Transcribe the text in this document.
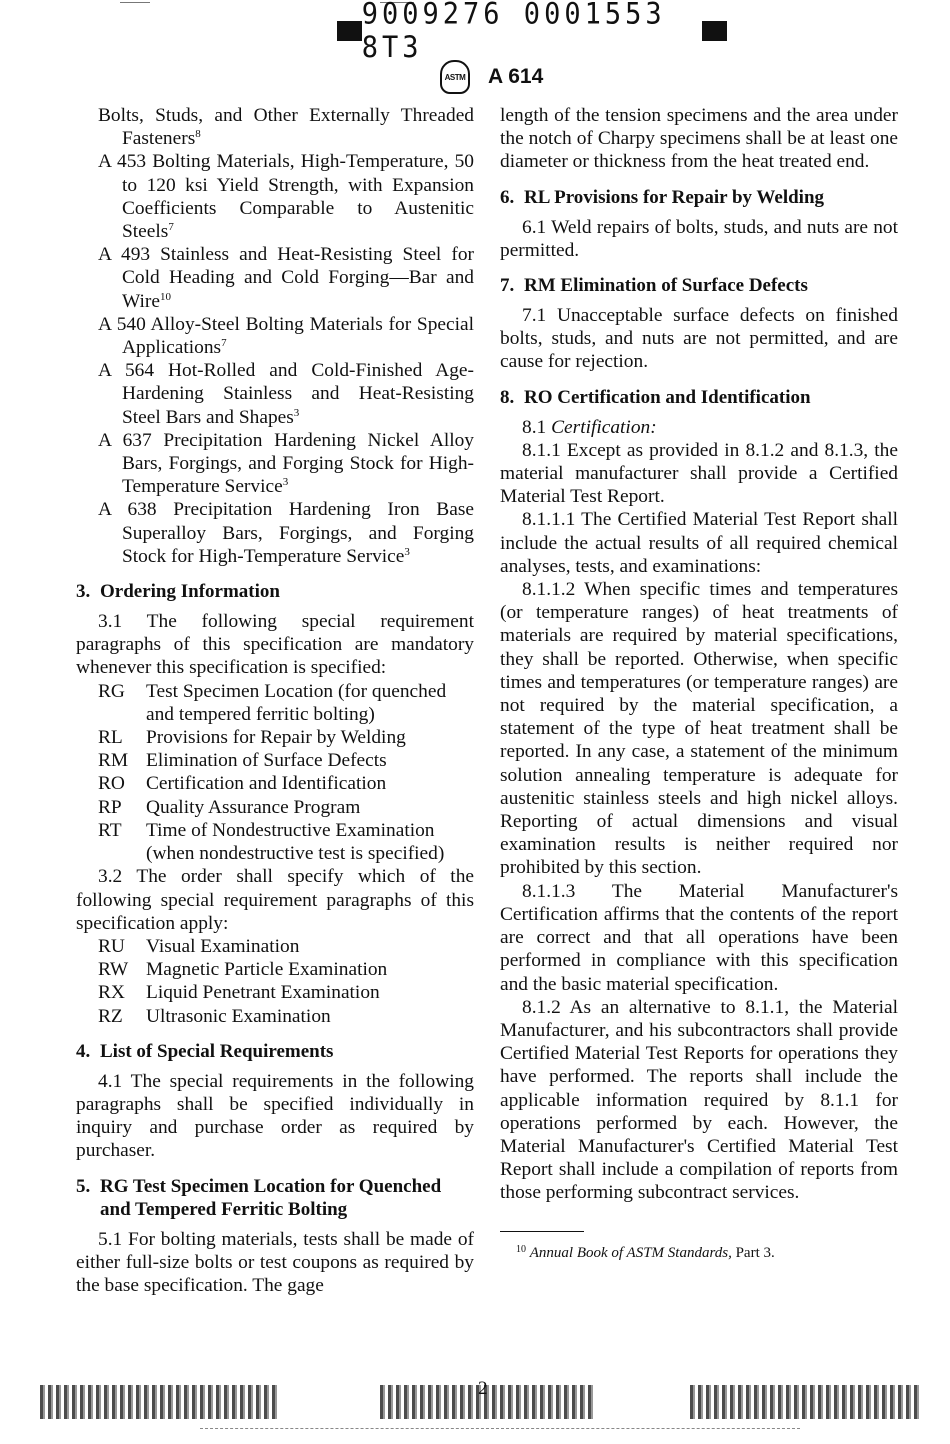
9009276 0001553 8T3
ASTM A 614

Bolts, Studs, and Other Externally Threaded Fasteners$^8$

A 453 Bolting Materials, High-Temperature, 50 to 120 ksi Yield Strength, with Expansion Coefficients Comparable to Austenitic Steels$^7$

A 493 Stainless and Heat-Resisting Steel for Cold Heading and Cold Forging—Bar and Wire$^{10}$

A 540 Alloy-Steel Bolting Materials for Special Applications$^7$

A 564 Hot-Rolled and Cold-Finished Age-Hardening Stainless and Heat-Resisting Steel Bars and Shapes$^3$

A 637 Precipitation Hardening Nickel Alloy Bars, Forgings, and Forging Stock for High-Temperature Service$^3$

A 638 Precipitation Hardening Iron Base Superalloy Bars, Forgings, and Forging Stock for High-Temperature Service$^3$

3. Ordering Information

3.1 The following special requirement paragraphs of this specification are mandatory whenever this specification is specified:

RG	Test Specimen Location (for quenched and tempered ferritic bolting)
RL	Provisions for Repair by Welding
RM Elimination of Surface Defects
RO	Certification and Identification
RP	Quality Assurance Program
RT	Time of Nondestructive Examination (when nondestructive test is specified)

3.2 The order shall specify which of the following special requirement paragraphs of this specification apply:

RU	Visual Examination
RW Magnetic Particle Examination
RX	Liquid Penetrant Examination
RZ	Ultrasonic Examination
4. List of Special Requirements

4.1 The special requirements in the following paragraphs shall be specified individually in inquiry and purchase order as required by purchaser.

5. RG Test Specimen Location for Quenched and Tempered Ferritic Bolting

5.1 For bolting materials, tests shall be made of either full-size bolts or test coupons as required by the base specification. The gage

length of the tension specimens and the area under the notch of Charpy specimens shall be at least one diameter or thickness from the heat treated end.

6. RL Provisions for Repair by Welding

6.1 Weld repairs of bolts, studs, and nuts are not permitted.

7. RM Elimination of Surface Defects

7.1 Unacceptable surface defects on finished bolts, studs, and nuts are not permitted, and are cause for rejection.

8. RO Certification and Identification

8.1 Certification:

8.1.1 Except as provided in 8.1.2 and 8.1.3, the material manufacturer shall provide a Certified Material Test Report.

8.1.1.1 The Certified Material Test Report shall include the actual results of all required chemical analyses, tests, and examinations:

8.1.1.2 When specific times and temperatures (or temperature ranges) of heat treatments of materials are required by material specifications, they shall be reported. Otherwise, when specific times and temperatures (or temperature ranges) are not required by the material specification, a statement of the type of heat treatment shall be reported. In any case, a statement of the minimum solution annealing temperature is adequate for austenitic stainless steels and high nickel alloys. Reporting of actual dimensions and visual examination results is neither required nor prohibited by this section.

8.1.1.3 The Material Manufacturer's Certification affirms that the contents of the report are correct and that all operations have been performed in compliance with this specification and the basic material specification.

8.1.2 As an alternative to 8.1.1, the Material Manufacturer, and his subcontractors shall provide Certified Material Test Reports for operations they have performed. The reports shall include the applicable information required by 8.1.1 for operations performed by each. However, the Material Manufacturer's Certified Material Test Report shall include a compilation of reports from those performing subcontract services.

$^{10}$ Annual Book of ASTM Standards, Part 3.

2
